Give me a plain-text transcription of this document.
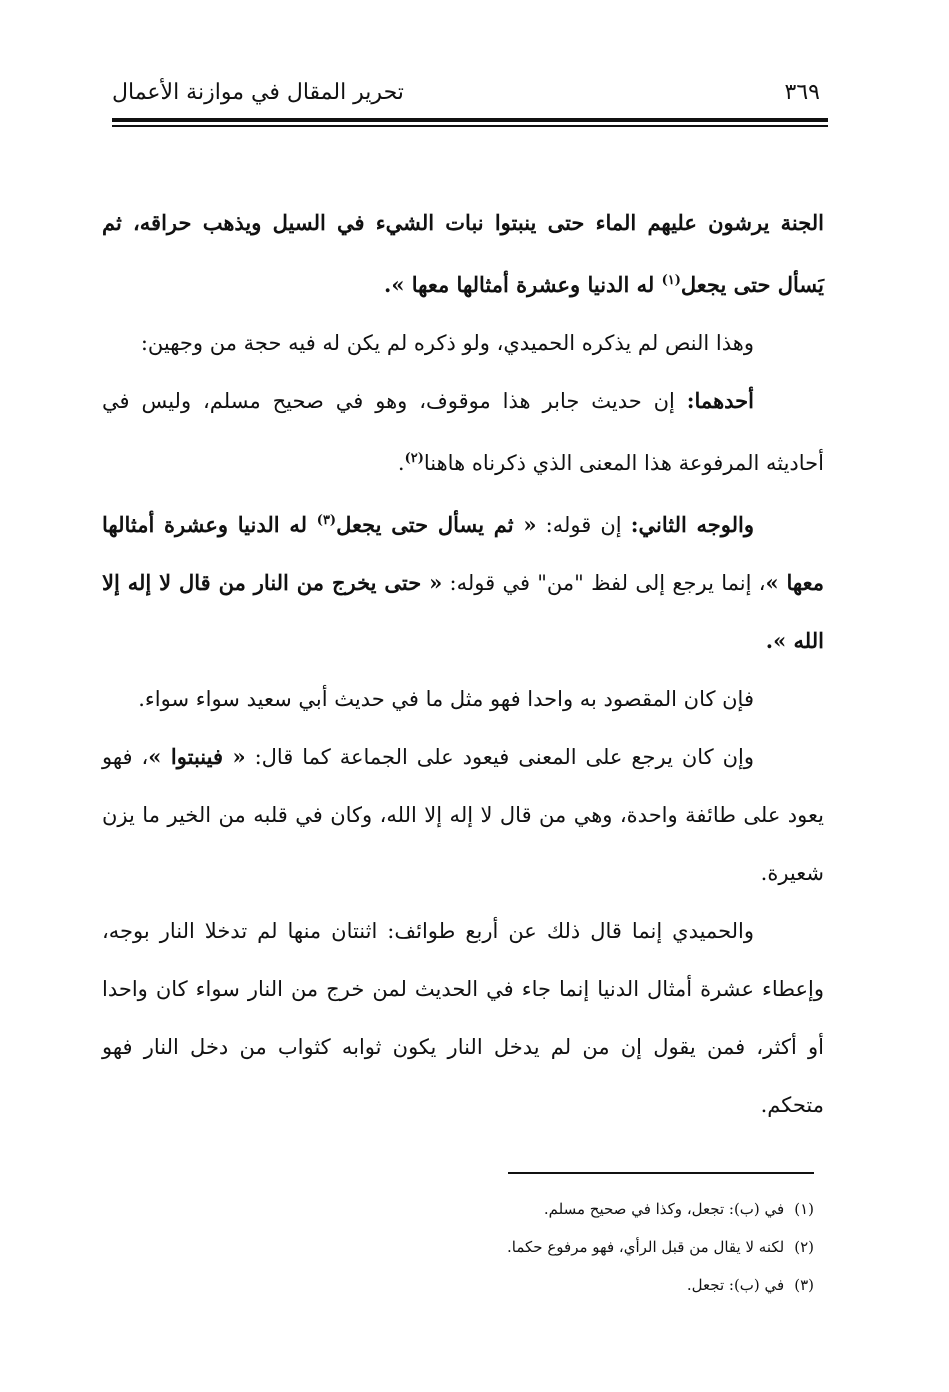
تحرير المقال في موازنة الأعمال	٣٦٩

الجنة يرشون عليهم الماء حتى ينبتوا نبات الشيء في السيل ويذهب حراقه، ثم يَسأل حتى يجعل$^{(١)}$ له الدنيا وعشرة أمثالها معها ».

وهذا النص لم يذكره الحميدي، ولو ذكره لم يكن له فيه حجة من وجهين:

أحدهما: إن حديث جابر هذا موقوف، وهو في صحيح مسلم، وليس في أحاديثه المرفوعة هذا المعنى الذي ذكرناه هاهنا$^{(٢)}$.

والوجه الثاني: إن قوله: « ثم يسأل حتى يجعل$^{(٣)}$ له الدنيا وعشرة أمثالها معها »، إنما يرجع إلى لفظ "من" في قوله: « حتى يخرج من النار من قال لا إله إلا الله ».

فإن كان المقصود به واحدا فهو مثل ما في حديث أبي سعيد سواء سواء.

وإن كان يرجع على المعنى فيعود على الجماعة كما قال: « فينبتوا »، فهو يعود على طائفة واحدة، وهي من قال لا إله إلا الله، وكان في قلبه من الخير ما يزن شعيرة.

والحميدي إنما قال ذلك عن أربع طوائف: اثنتان منها لم تدخلا النار بوجه، وإعطاء عشرة أمثال الدنيا إنما جاء في الحديث لمن خرج من النار سواء كان واحدا أو أكثر، فمن يقول إن من لم يدخل النار يكون ثوابه كثواب من دخل النار فهو متحكم.

(١)في (ب): تجعل، وكذا في صحيح مسلم.
(٢)لكنه لا يقال من قبل الرأي، فهو مرفوع حكما.
(٣)في (ب): تجعل.
